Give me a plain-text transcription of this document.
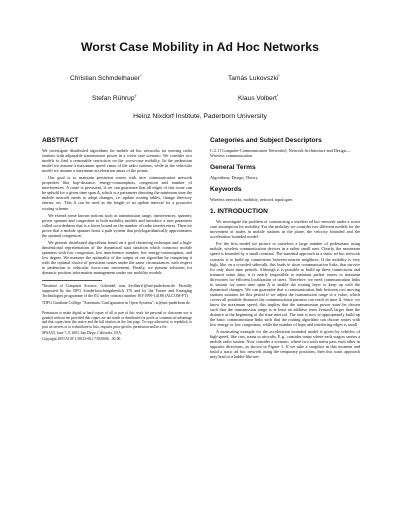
Worst Case Mobility in Ad Hoc Networks
Christian Schindelhauer*	Tamás Lukovszki*
Stefan Rührup†	Klaus Volbert*
Heinz Nixdorf Institute, Paderborn University
ABSTRACT

We investigate distributed algorithms for mobile ad hoc networks for moving radio stations with adjustable transmission power in a worst case scenario. We consider two models to find a reasonable restriction on the worst-case mobility. In the pedestrian model we assume a maximum speed vmax of the radio stations, while in the vehicular model we assume a maximum acceleration amax of the points.

Our goal is to maintain persistent routes with nice communication network properties like hop-distance, energy-consumption, congestion and number of interferences. A route is persistent, if we can guarantee that all edges of this route can be uphold for a given time span Δ, which is a parameter denoting the minimum time the mobile network needs to adopt changes, i.e. update routing tables, change directory entries, etc. This Δ can be used as the length of an update interval for a proactive routing scheme.

We extend some known notions such as transmission range, interferences, spanner, power spanner and congestion to both mobility models and introduce a new parameter called crowdedness that is a lower bound on the number of radio interferences. Then we prove that a mobile spanner hosts a path system that polylogarithmically approximates the optimal congestion.

We present distributed algorithms based on a grid clustering technique and a high-dimensional representation of the dynamical start situation which construct mobile spanners with low congestion, low interference number, low energy-consumption, and low degree. We measure the optimality of the output of our algorithm by comparing it with the optimal choice of persistent routes under the same circumstances with respect to pedestrian or vehicular worst-case movement. Finally, we present solutions for dynamic position information management under our mobility models.

*Institute of Computer Science, {schindel, tam, kvolbert}@uni-paderborn.de. Partially supported by the DFG Sonderforschungsbereich 376 and by the Future and Emerging Technologies programme of the EU under contract number IST-1999-14186 (ALCOM-FT).

†DFG Graduate College "Automatic Configuration in Open Systems", sr@uni-paderborn.de.

Permission to make digital or hard copies of all or part of this work for personal or classroom use is granted without fee provided that copies are not made or distributed for profit or commercial advantage and that copies bear this notice and the full citation on the first page. To copy otherwise, to republish, to post on servers or to redistribute to lists, requires prior specific permission and/or a fee.

SPAA'03, June 7–9, 2003, San Diego, California, USA.

Copyright 2003 ACM 1-58113-661-7/03/0006 ...$5.00.

Categories and Subject Descriptors

C.2.1 [Computer-Communication Networks]: Network Architecture and Design—Wireless communication

General Terms

Algorithms, Design, Theory

Keywords

Wireless networks, mobility, network topologies

1. INTRODUCTION

We investigate the problem of constructing a wireless ad hoc network under a worst case assumption for mobility. For the mobility we consider two different models for the movement of nodes in mobile stations in the plane, the velocity bounded and the acceleration bounded model.

For the first model we picture to ourselves a large number of pedestrians using mobile, wireless communication devices in a rather small area. Clearly, the maximum speed is bounded by a small constant. The standard approach in a static ad hoc network scenario is to build up connections between nearest neighbors. If the mobility is very high, like on a crowded sidewalk, this leads to short communication links, that survive for only short time periods. Although it is possible to build up these connections and transmit some data, it is nearly impossible to maintain packet routes or maintain directories for efficient localization of users. Therefore, we need communication links to sustain for some time span Δ to enable the routing layer to keep up with the dynamical changes. We can guarantee that a communication link between two moving stations sustains for this period if we adjust the transmission range to a value, which covers all possible distances the communication partners can reach in time Δ. Since, we know the maximum speed, this implies that the transmission power must be chosen such that the transmission range is at least an additive term 2vmaxΔ larger than the distance at the beginning of the time interval. The task is now to appropriately build up the basic communication links such that the routing algorithm can choose routes with low energy or low congestion, while the number of hops and interfering edges is small.

A motivating example for the acceleration bounded model is given by vehicles of high speed, like cars, trains or aircrafts. E.g., consider trains where each wagon carries a mobile radio station. Now consider a scenario, where two such trains pass each other in opposite directions, as shown in Figure 1. If we take a snapshot in this moment and build a static ad hoc network using the temporary positions, then this static approach may lead to a ladder-like net-
